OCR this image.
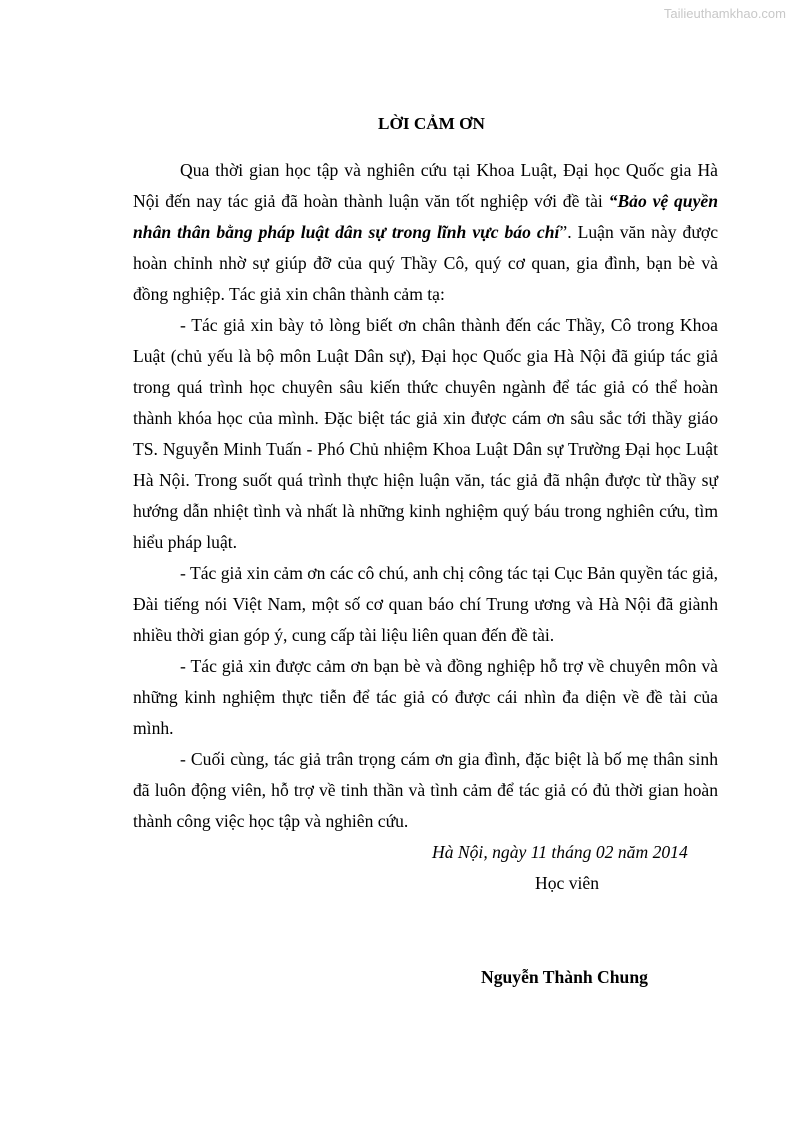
Tailieuthamkhao.com
LỜI CẢM ƠN

Qua thời gian học tập và nghiên cứu tại Khoa Luật, Đại học Quốc gia Hà Nội đến nay tác giả đã hoàn thành luận văn tốt nghiệp với đề tài “Bảo vệ quyền nhân thân bằng pháp luật dân sự trong lĩnh vực báo chí”. Luận văn này được hoàn chỉnh nhờ sự giúp đỡ của quý Thầy Cô, quý cơ quan, gia đình, bạn bè và đồng nghiệp. Tác giả xin chân thành cảm tạ:

- Tác giả xin bày tỏ lòng biết ơn chân thành đến các Thầy, Cô trong Khoa Luật (chủ yếu là bộ môn Luật Dân sự), Đại học Quốc gia Hà Nội đã giúp tác giả trong quá trình học chuyên sâu kiến thức chuyên ngành để tác giả có thể hoàn thành khóa học của mình. Đặc biệt tác giả xin được cám ơn sâu sắc tới thầy giáo TS. Nguyễn Minh Tuấn - Phó Chủ nhiệm Khoa Luật Dân sự Trường Đại học Luật Hà Nội. Trong suốt quá trình thực hiện luận văn, tác giả đã nhận được từ thầy sự hướng dẫn nhiệt tình và nhất là những kinh nghiệm quý báu trong nghiên cứu, tìm hiểu pháp luật.

- Tác giả xin cảm ơn các cô chú, anh chị công tác tại Cục Bản quyền tác giả, Đài tiếng nói Việt Nam, một số cơ quan báo chí Trung ương và Hà Nội đã giành nhiều thời gian góp ý, cung cấp tài liệu liên quan đến đề tài.

- Tác giả xin được cảm ơn bạn bè và đồng nghiệp hỗ trợ về chuyên môn và những kinh nghiệm thực tiễn để tác giả có được cái nhìn đa diện về đề tài của mình.

- Cuối cùng, tác giả trân trọng cám ơn gia đình, đặc biệt là bố mẹ thân sinh đã luôn động viên, hỗ trợ về tinh thần và tình cảm để tác giả có đủ thời gian hoàn thành công việc học tập và nghiên cứu.

Hà Nội, ngày 11 tháng 02 năm 2014

Học viên

Nguyễn Thành Chung
